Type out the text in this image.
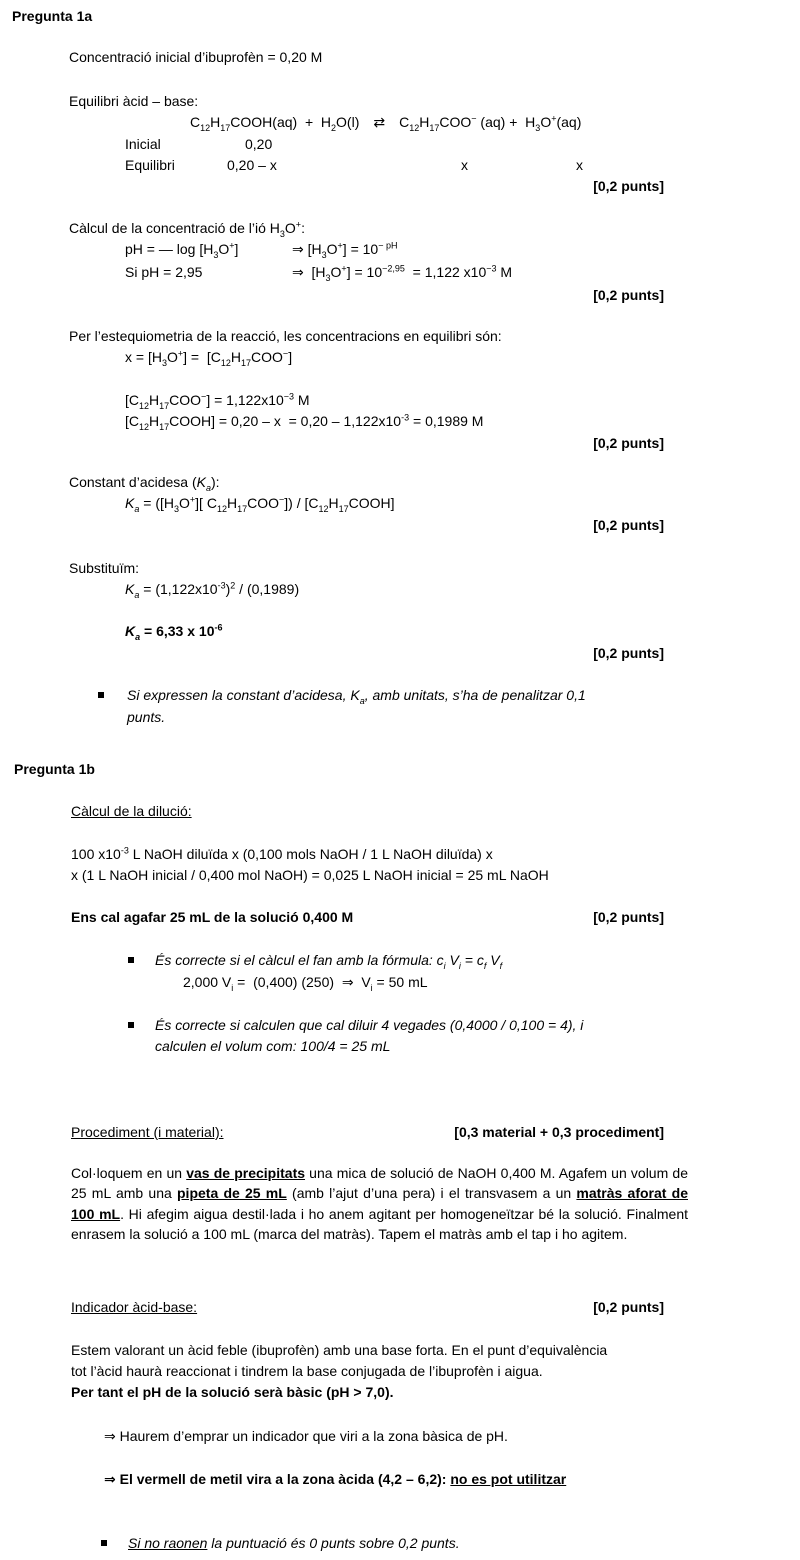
Pregunta 1a
Concentració inicial d’ibuprofèn = 0,20 M
Equilibri àcid – base:
$C_{12}H_{17}COOH(aq) + H_2O(l)$ ⇄ $C_{12}H_{17}COO^-$ $(aq) + H_3O^+(aq)$
Inicial	0,20
Equilibri	0,20 – x	x	x
[0,2 punts]
Càlcul de la concentració de l’ió $H_3O^+$:
pH = — $\log [H_3O^+]$	⇒ $[H_3O^+] = 10^{- pH}$
Si pH = 2,95	⇒  $[H_3O^+] = 10^{-2,95} = 1,122$ $x10^{-3}$ M
[0,2 punts]
Per l’estequiometria de la reacció, les concentracions en equilibri són:
$x = [H_3O^+] = [C_{12}H_{17}COO^-]$
$[C_{12}H_{17}COO^-] = 1,122x10^{-3}$ M
$[C_{12}H_{17}COOH] = 0,20 - x = 0,20 - 1,122x10^{-3} = 0,1989$ M
[0,2 punts]
Constant d’acidesa $(K_a)$:
$K_a = ([H_3O^+]$[ $C_{12}H_{17}COO^-$]) / $[C_{12}H_{17}COOH]$
[0,2 punts]
Substituïm:
$K_a = (1,122x10^{-3})^2 / (0,1989)$
$K_a = 6,33$ x $10^{-6}$
[0,2 punts]
Si expressen la constant d’acidesa, $K_a$, amb unitats, s’ha de penalitzar 0,1
punts.
Pregunta 1b
Càlcul de la dilució:
100 $x10^{-3}$ L NaOH diluïda x (0,100 mols NaOH / 1 L NaOH diluïda) x
x (1 L NaOH inicial / 0,400 mol NaOH) = 0,025 L NaOH inicial = 25 mL NaOH
Ens cal agafar 25 mL de la solució 0,400 M	[0,2 punts]
És correcte si el càlcul el fan amb la fórmula: $c_i$ $V_i = c_f$ $V_f$
2,000 $V_i = (0,400)$ (250)  ⇒  $V_i = 50$ mL
És correcte si calculen que cal diluir 4 vegades (0,4000 / 0,100 = 4), i
calculen el volum com: 100/4 = 25 mL
Procediment (i material):	[0,3 material + 0,3 procediment]
Col·loquem en un vas de precipitats una mica de solució de NaOH 0,400 M. Agafem un volum de 25 mL amb una pipeta de 25 mL (amb l’ajut d’una pera) i el transvasem a un matràs aforat de 100 mL. Hi afegim aigua destil·lada i ho anem agitant per homogeneïtzar bé la solució. Finalment enrasem la solució a 100 mL (marca del matràs). Tapem el matràs amb el tap i ho agitem.
Indicador àcid-base:	[0,2 punts]
Estem valorant un àcid feble (ibuprofèn) amb una base forta. En el punt d’equivalència
tot l’àcid haurà reaccionat i tindrem la base conjugada de l’ibuprofèn i aigua.
Per tant el pH de la solució serà bàsic (pH > 7,0).
⇒ Haurem d’emprar un indicador que viri a la zona bàsica de pH.
⇒ El vermell de metil vira a la zona àcida (4,2 – 6,2): no es pot utilitzar
Si no raonen la puntuació és 0 punts sobre 0,2 punts.
